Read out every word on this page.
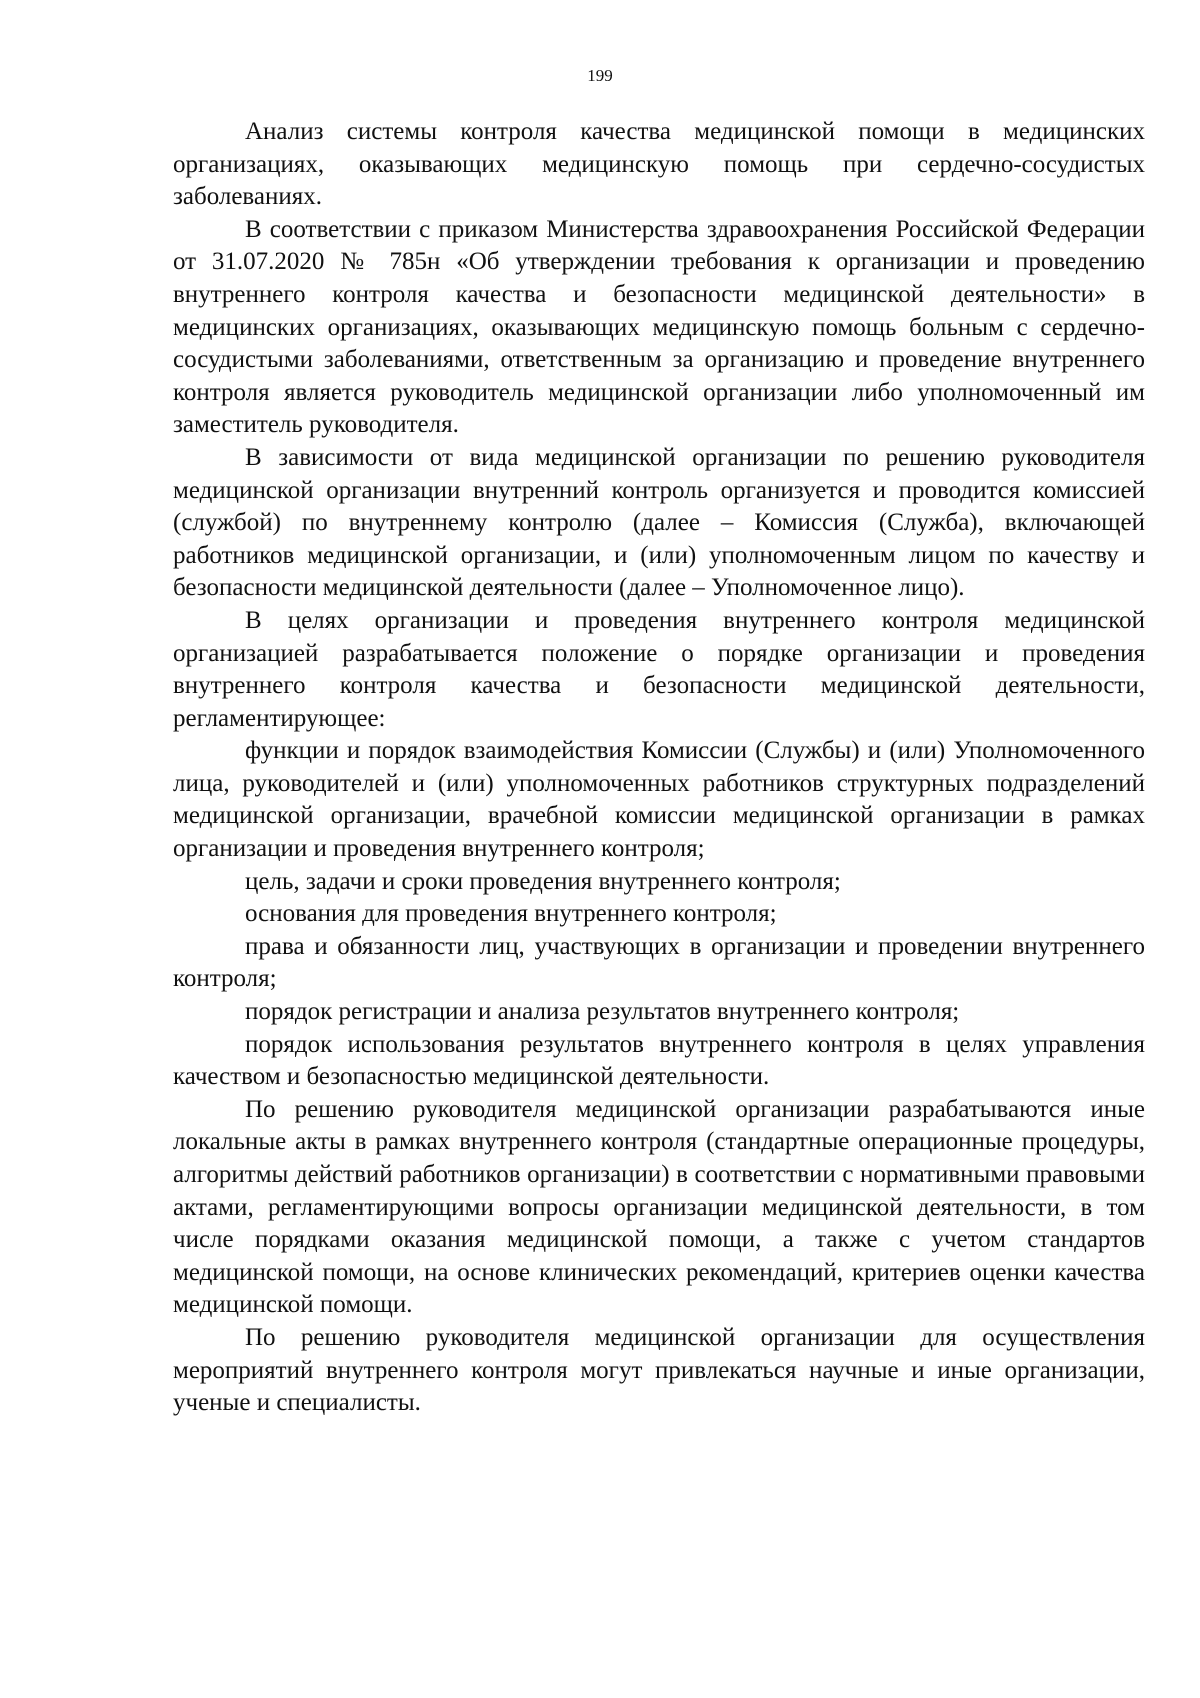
199

Анализ системы контроля качества медицинской помощи в медицинских организациях, оказывающих медицинскую помощь при сердечно-сосудистых заболеваниях.

В соответствии с приказом Министерства здравоохранения Российской Федерации от 31.07.2020 № 785н «Об утверждении требования к организации и проведению внутреннего контроля качества и безопасности медицинской деятельности» в медицинских организациях, оказывающих медицинскую помощь больным с сердечно-сосудистыми заболеваниями, ответственным за организацию и проведение внутреннего контроля является руководитель медицинской организации либо уполномоченный им заместитель руководителя.

В зависимости от вида медицинской организации по решению руководителя медицинской организации внутренний контроль организуется и проводится комиссией (службой) по внутреннему контролю (далее – Комиссия (Служба), включающей работников медицинской организации, и (или) уполномоченным лицом по качеству и безопасности медицинской деятельности (далее – Уполномоченное лицо).

В целях организации и проведения внутреннего контроля медицинской организацией разрабатывается положение о порядке организации и проведения внутреннего контроля качества и безопасности медицинской деятельности, регламентирующее:

функции и порядок взаимодействия Комиссии (Службы) и (или) Уполномоченного лица, руководителей и (или) уполномоченных работников структурных подразделений медицинской организации, врачебной комиссии медицинской организации в рамках организации и проведения внутреннего контроля;

цель, задачи и сроки проведения внутреннего контроля;

основания для проведения внутреннего контроля;

права и обязанности лиц, участвующих в организации и проведении внутреннего контроля;

порядок регистрации и анализа результатов внутреннего контроля;

порядок использования результатов внутреннего контроля в целях управления качеством и безопасностью медицинской деятельности.

По решению руководителя медицинской организации разрабатываются иные локальные акты в рамках внутреннего контроля (стандартные операционные процедуры, алгоритмы действий работников организации) в соответствии с нормативными правовыми актами, регламентирующими вопросы организации медицинской деятельности, в том числе порядками оказания медицинской помощи, а также с учетом стандартов медицинской помощи, на основе клинических рекомендаций, критериев оценки качества медицинской помощи.

По решению руководителя медицинской организации для осуществления мероприятий внутреннего контроля могут привлекаться научные и иные организации, ученые и специалисты.
